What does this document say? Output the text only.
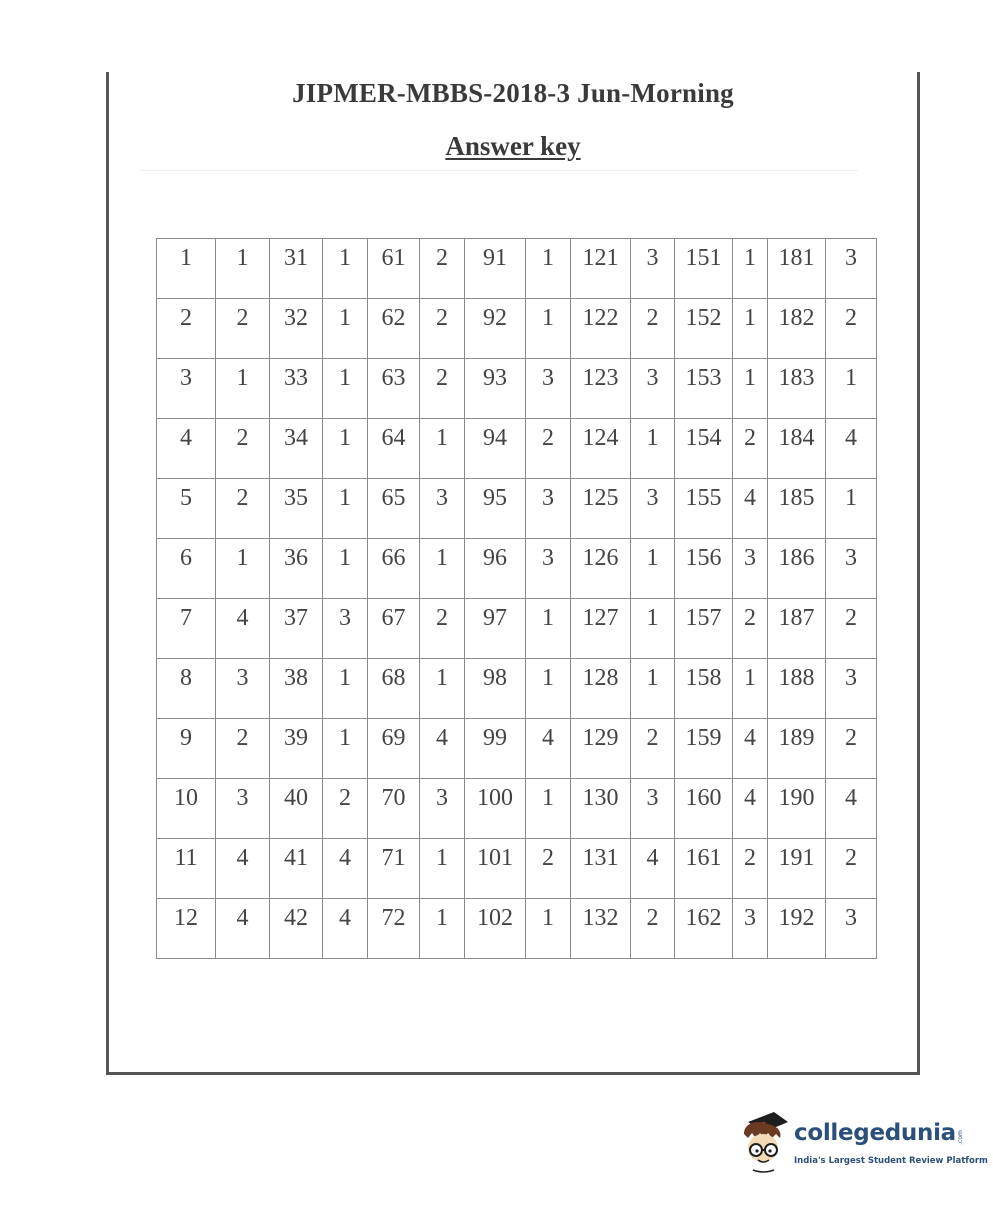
JIPMER-MBBS-2018-3 Jun-Morning
Answer key
1	1	31	1	61	2	91	1	121	3	151	1	181	3
2	2	32	1	62	2	92	1	122	2	152	1	182	2
3	1	33	1	63	2	93	3	123	3	153	1	183	1
4	2	34	1	64	1	94	2	124	1	154	2	184	4
5	2	35	1	65	3	95	3	125	3	155	4	185	1
6	1	36	1	66	1	96	3	126	1	156	3	186	3
7	4	37	3	67	2	97	1	127	1	157	2	187	2
8	3	38	1	68	1	98	1	128	1	158	1	188	3
9	2	39	1	69	4	99	4	129	2	159	4	189	2
10	3	40	2	70	3	100	1	130	3	160	4	190	4
11	4	41	4	71	1	101	2	131	4	161	2	191	2
12	4	42	4	72	1	102	1	132	2	162	3	192	3
collegedunia .com
India's Largest Student Review Platform
